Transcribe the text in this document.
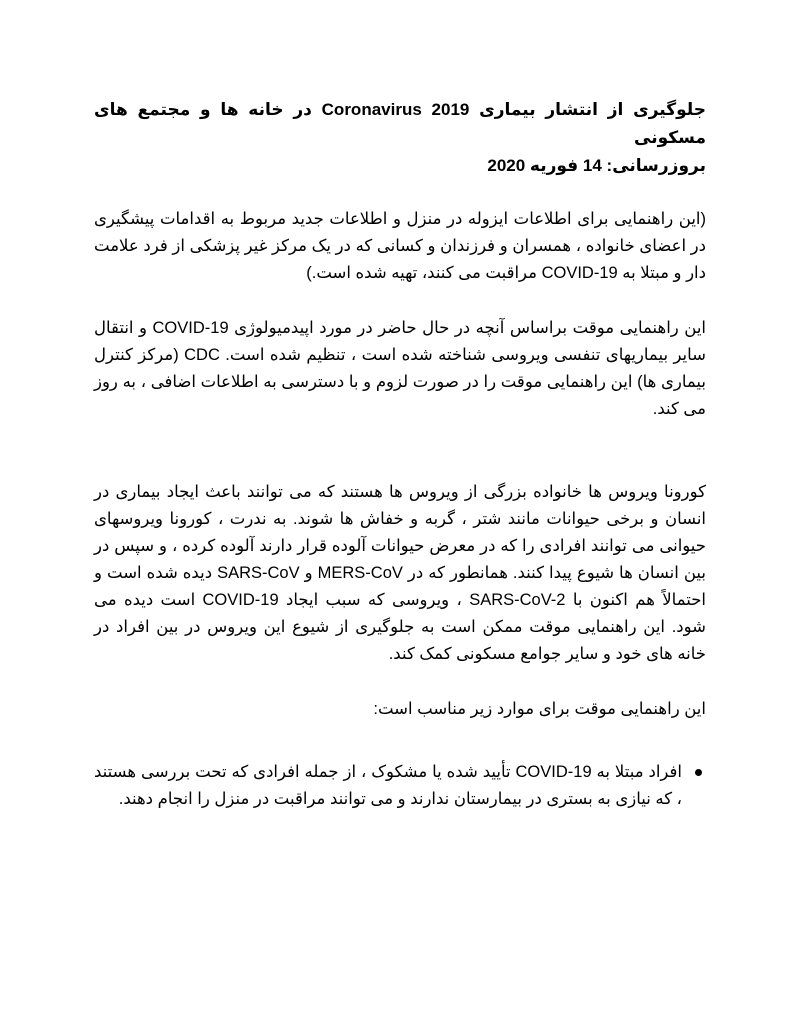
جلوگیری از انتشار بیماری Coronavirus 2019 در خانه ها و مجتمع های مسکونی

بروزرسانی: 14 فوریه 2020

(این راهنمایی برای اطلاعات ایزوله در منزل و اطلاعات جدید مربوط به اقدامات پیشگیری در اعضای خانواده ، همسران و فرزندان و کسانی که در یک مرکز غیر پزشکی از فرد علامت دار و مبتلا به COVID-19 مراقبت می کنند، تهیه شده است.)

این راهنمایی موقت براساس آنچه در حال حاضر در مورد اپیدمیولوژی COVID-19 و انتقال سایر بیماریهای تنفسی ویروسی شناخته شده است ، تنظیم شده است. CDC (مرکز کنترل بیماری ها) این راهنمایی موقت را در صورت لزوم و با دسترسی به اطلاعات اضافی ، به روز می کند.

کورونا ویروس ها خانواده بزرگی از ویروس ها هستند که می توانند باعث ایجاد بیماری در انسان و برخی حیوانات مانند شتر ، گربه و خفاش ها شوند. به ندرت ، کورونا ویروسهای حیوانی می توانند افرادی را که در معرض حیوانات آلوده قرار دارند آلوده کرده ، و سپس در بین انسان ها شیوع پیدا کنند. همانطور که در MERS-CoV و SARS-CoV دیده شده است و احتمالاً هم اکنون با SARS-CoV-2 ، ویروسی که سبب ایجاد COVID-19 است دیده می شود. این راهنمایی موقت ممکن است به جلوگیری از شیوع این ویروس در بین افراد در خانه های خود و سایر جوامع مسکونی کمک کند.

این راهنمایی موقت برای موارد زیر مناسب است:

افراد مبتلا به COVID-19 تأیید شده یا مشکوک ، از جمله افرادی که تحت بررسی هستند ، که نیازی به بستری در بیمارستان ندارند و می توانند مراقبت در منزل را انجام دهند.
